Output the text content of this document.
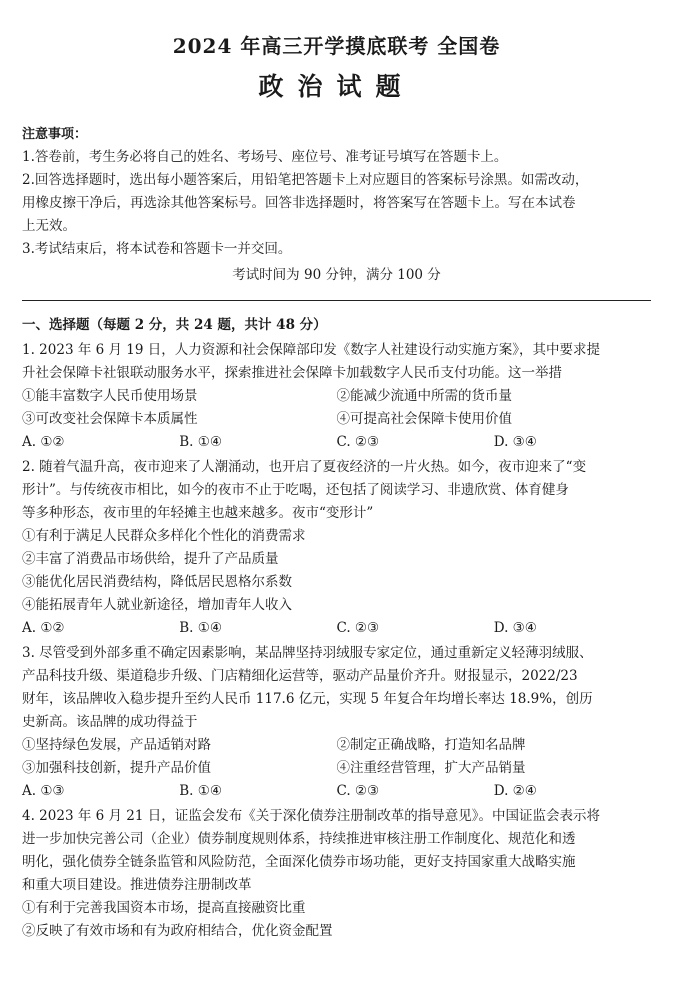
2024 年高三开学摸底联考 全国卷
政治试题
注意事项：
1.答卷前，考生务必将自己的姓名、考场号、座位号、准考证号填写在答题卡上。
2.回答选择题时，选出每小题答案后，用铅笔把答题卡上对应题目的答案标号涂黑。如需改动，
用橡皮擦干净后，再选涂其他答案标号。回答非选择题时，将答案写在答题卡上。写在本试卷
上无效。
3.考试结束后，将本试卷和答题卡一并交回。
考试时间为 90 分钟，满分 100 分
一、选择题（每题 2 分，共 24 题，共计 48 分）
1. 2023 年 6 月 19 日，人力资源和社会保障部印发《数字人社建设行动实施方案》，其中要求提
升社会保障卡社银联动服务水平，探索推进社会保障卡加载数字人民币支付功能。这一举措
①能丰富数字人民币使用场景	②能减少流通中所需的货币量
③可改变社会保障卡本质属性	④可提高社会保障卡使用价值
A. ①②	B. ①④	C. ②③	D. ③④
2. 随着气温升高，夜市迎来了人潮涌动，也开启了夏夜经济的一片火热。如今，夜市迎来了“变
形计”。与传统夜市相比，如今的夜市不止于吃喝，还包括了阅读学习、非遗欣赏、体育健身
等多种形态，夜市里的年轻摊主也越来越多。夜市“变形计”
①有利于满足人民群众多样化个性化的消费需求
②丰富了消费品市场供给，提升了产品质量
③能优化居民消费结构，降低居民恩格尔系数
④能拓展青年人就业新途径，增加青年人收入
A. ①②	B. ①④	C. ②③	D. ③④
3. 尽管受到外部多重不确定因素影响，某品牌坚持羽绒服专家定位，通过重新定义轻薄羽绒服、
产品科技升级、渠道稳步升级、门店精细化运营等，驱动产品量价齐升。财报显示，2022/23
财年，该品牌收入稳步提升至约人民币 117.6 亿元，实现 5 年复合年均增长率达 18.9%，创历
史新高。该品牌的成功得益于
①坚持绿色发展，产品适销对路	②制定正确战略，打造知名品牌
③加强科技创新，提升产品价值	④注重经营管理，扩大产品销量
A. ①③	B. ①④	C. ②③	D. ②④
4. 2023 年 6 月 21 日，证监会发布《关于深化债券注册制改革的指导意见》。中国证监会表示将
进一步加快完善公司（企业）债券制度规则体系，持续推进审核注册工作制度化、规范化和透
明化，强化债券全链条监管和风险防范，全面深化债券市场功能，更好支持国家重大战略实施
和重大项目建设。推进债券注册制改革
①有利于完善我国资本市场，提高直接融资比重
②反映了有效市场和有为政府相结合，优化资金配置
